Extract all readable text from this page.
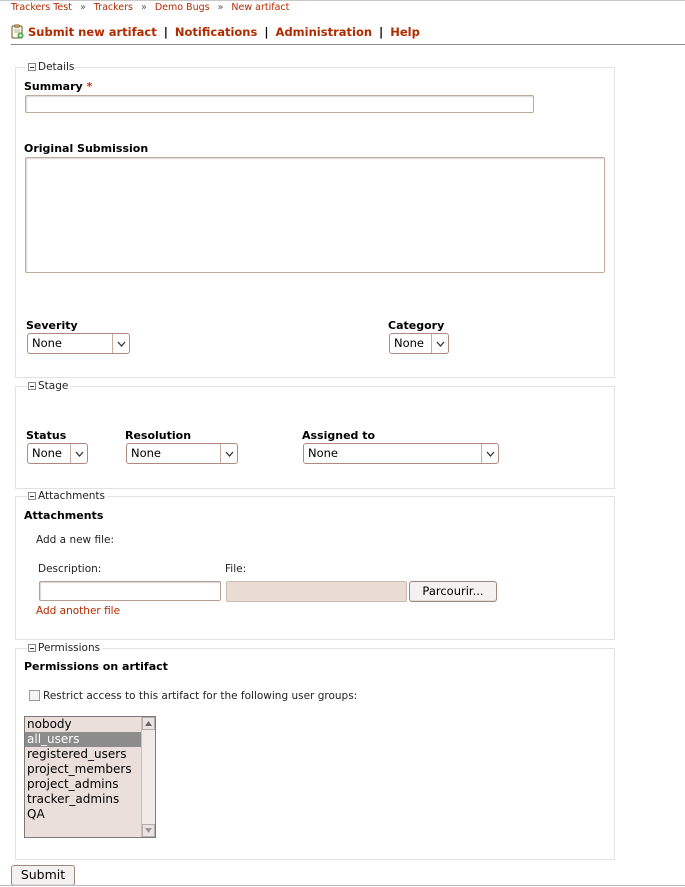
Trackers Test » Trackers » Demo Bugs » New artifact
Submit new artifact | Notifications | Administration | Help
Details
Summary *
Original Submission
Severity
None
Category
None
Stage
Status
None
Resolution
None
Assigned to
None
Attachments
Attachments
Add a new file:
Description:	File:
Parcourir...
Add another file
Permissions
Permissions on artifact
Restrict access to this artifact for the following user groups:
nobody
all_users
registered_users
project_members
project_admins
tracker_admins
QA
Submit
